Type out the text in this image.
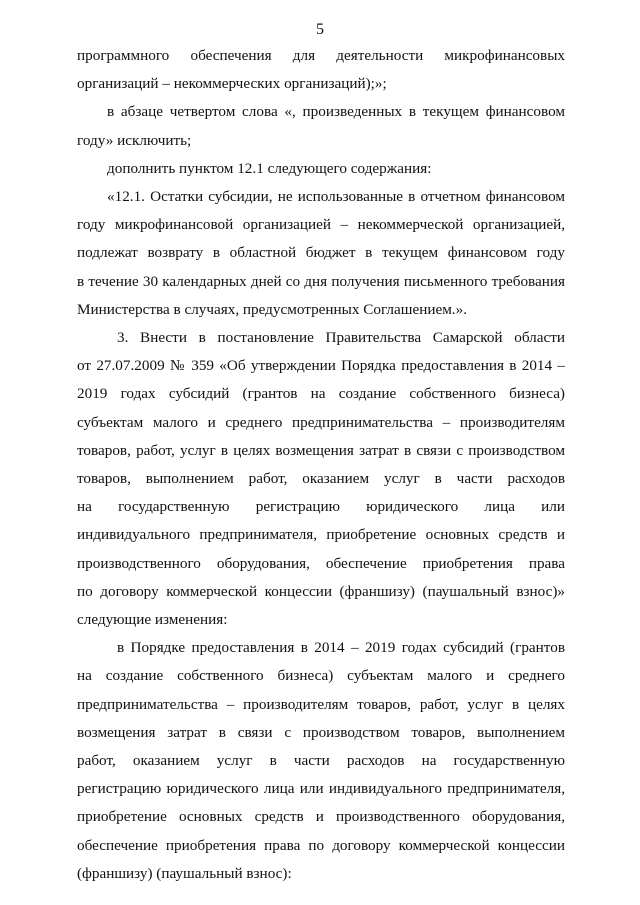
5
программного обеспечения для деятельности микрофинансовых
организаций – некоммерческих организаций);»;
в абзаце четвертом слова «, произведенных в текущем финансовом
году» исключить;
дополнить пунктом 12.1 следующего содержания:
«12.1. Остатки субсидии, не использованные в отчетном финансовом
году микрофинансовой организацией – некоммерческой организацией,
подлежат возврату в областной бюджет в текущем финансовом году
в течение 30 календарных дней со дня получения письменного требования
Министерства в случаях, предусмотренных Соглашением.».
3. Внести в постановление Правительства Самарской области
от 27.07.2009 № 359 «Об утверждении Порядка предоставления в 2014 –
2019 годах субсидий (грантов на создание собственного бизнеса)
субъектам малого и среднего предпринимательства – производителям
товаров, работ, услуг в целях возмещения затрат в связи с производством
товаров, выполнением работ, оказанием услуг в части расходов
на государственную регистрацию юридического лица или
индивидуального предпринимателя, приобретение основных средств и
производственного оборудования, обеспечение приобретения права
по договору коммерческой концессии (франшизу) (паушальный взнос)»
следующие изменения:
в Порядке предоставления в 2014 – 2019 годах субсидий (грантов
на создание собственного бизнеса) субъектам малого и среднего
предпринимательства – производителям товаров, работ, услуг в целях
возмещения затрат в связи с производством товаров, выполнением
работ, оказанием услуг в части расходов на государственную
регистрацию юридического лица или индивидуального предпринимателя,
приобретение основных средств и производственного оборудования,
обеспечение приобретения права по договору коммерческой концессии
(франшизу) (паушальный взнос):
